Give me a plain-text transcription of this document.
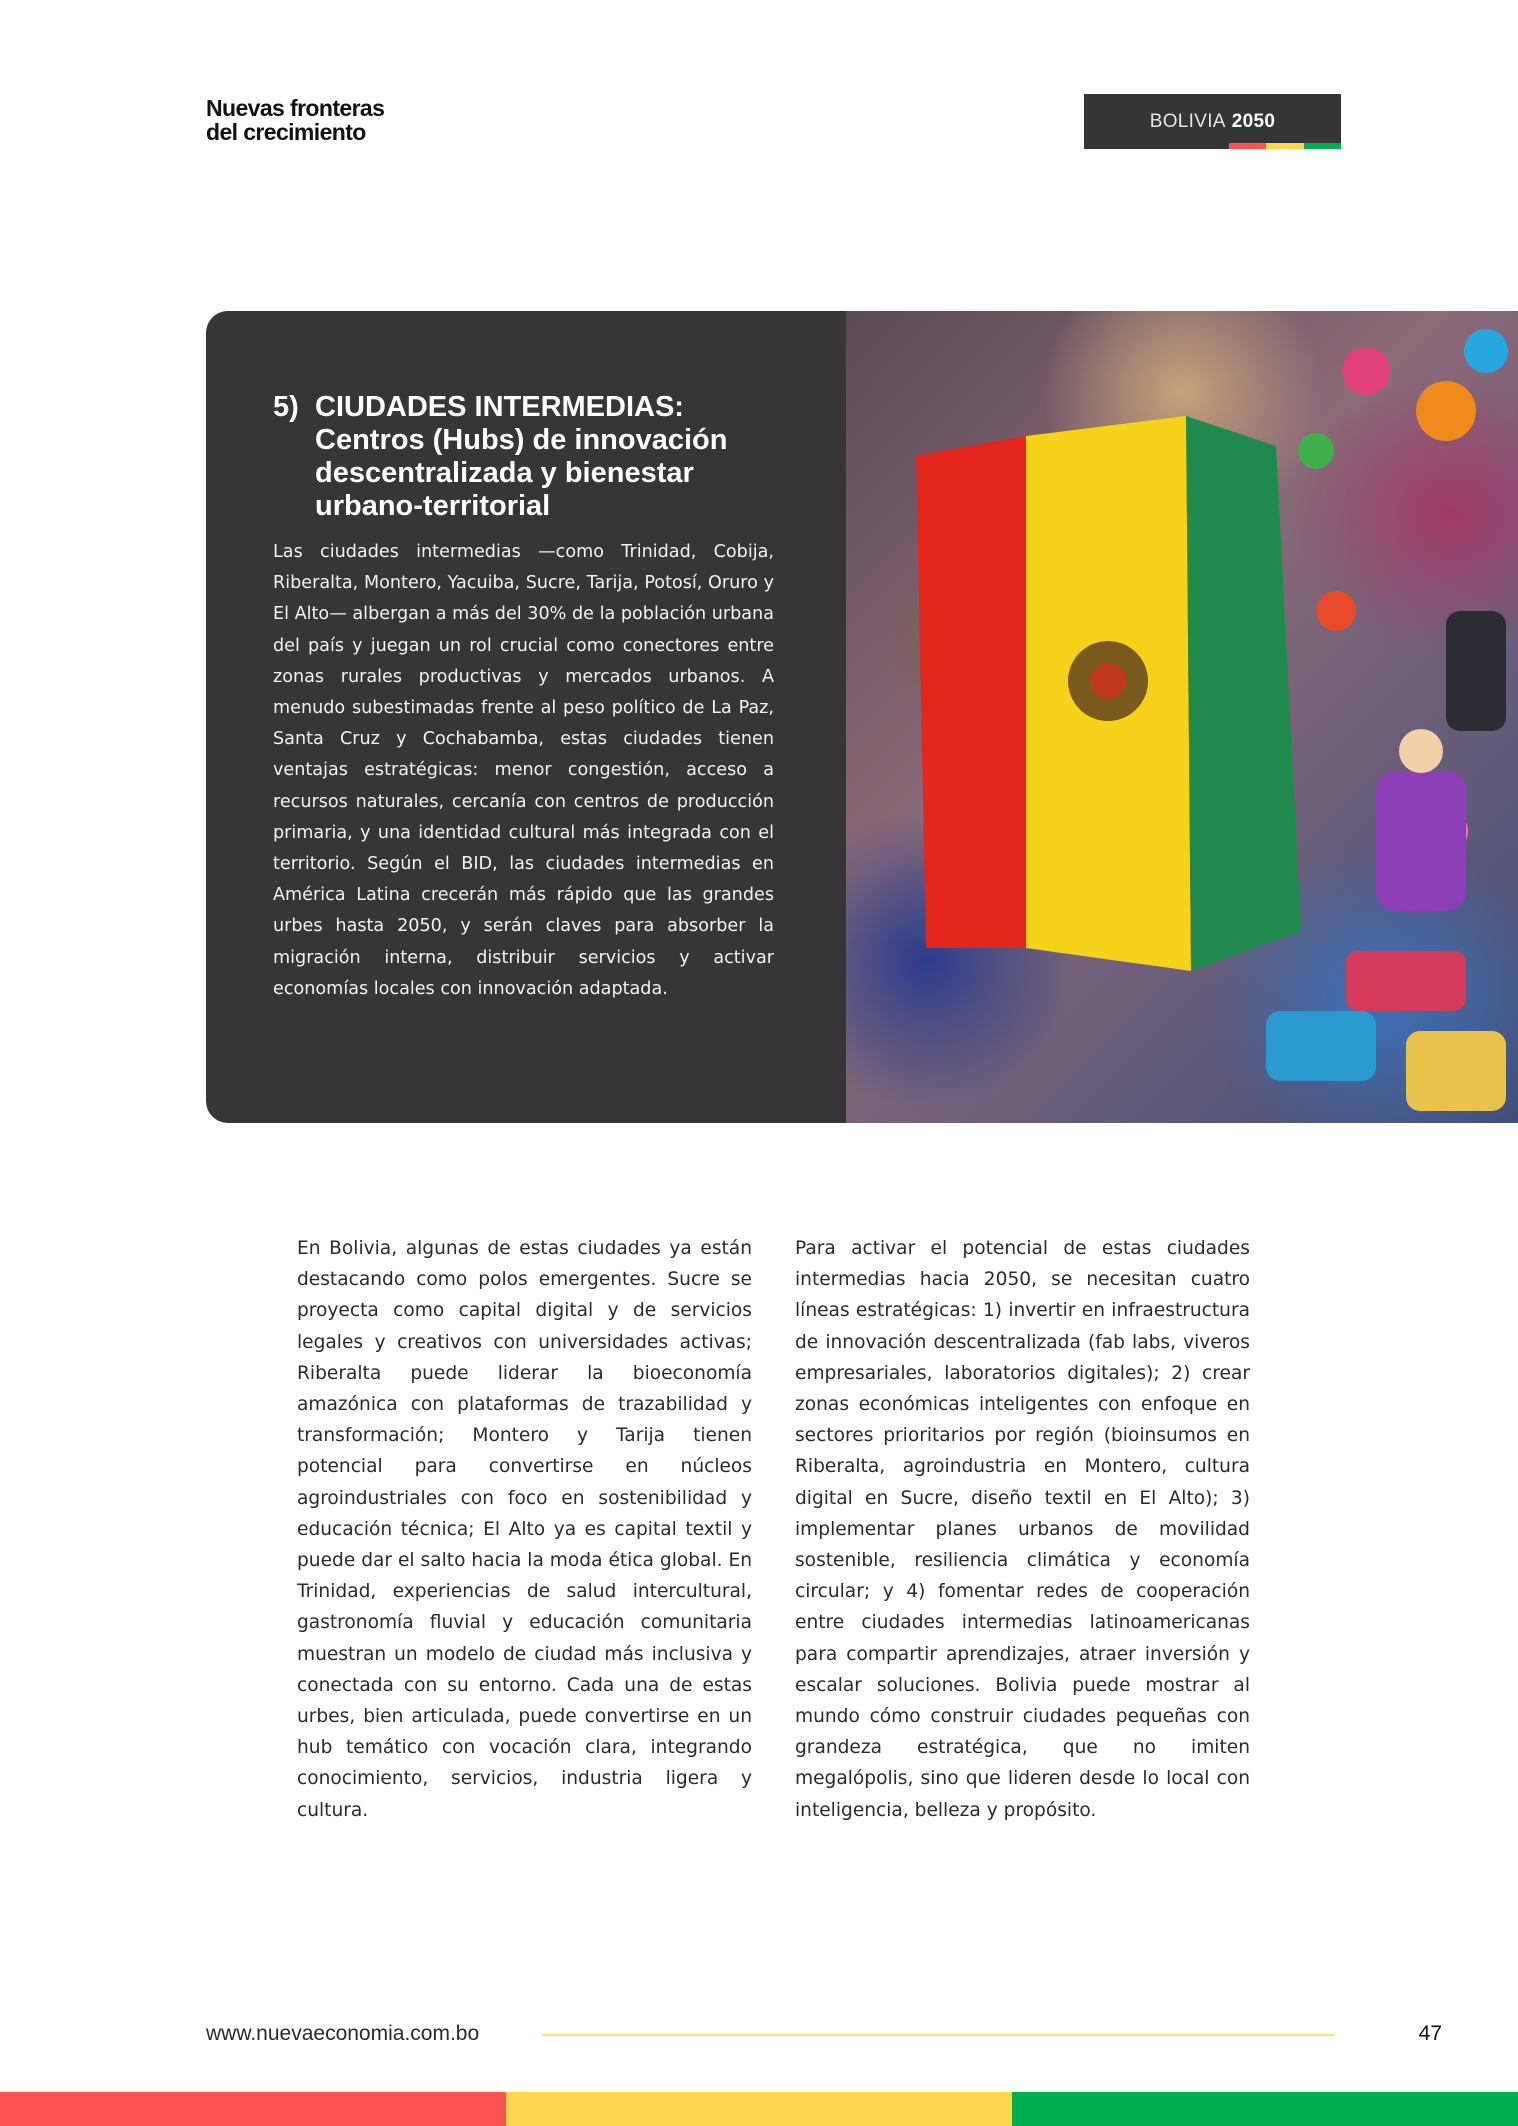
Nuevas fronteras
del crecimiento	BOLIVIA 2050
5) CIUDADES INTERMEDIAS:
Centros (Hubs) de innovación
descentralizada y bienestar
urbano-territorial
Las ciudades intermedias —como Trinidad, Cobija, Riberalta, Montero, Yacuiba, Sucre, Tarija, Potosí, Oruro y El Alto— albergan a más del 30% de la población urbana del país y juegan un rol crucial como conectores entre zonas rurales productivas y mercados urbanos. A menudo subestimadas frente al peso político de La Paz, Santa Cruz y Cochabamba, estas ciudades tienen ventajas estratégicas: menor congestión, acceso a recursos naturales, cercanía con centros de producción primaria, y una identidad cultural más integrada con el territorio. Según el BID, las ciudades intermedias en América Latina crecerán más rápido que las grandes urbes hasta 2050, y serán claves para absorber la migración interna, distribuir servicios y activar economías locales con innovación adaptada.
En Bolivia, algunas de estas ciudades ya están destacando como polos emergentes. Sucre se proyecta como capital digital y de servicios legales y creativos con universidades activas; Riberalta puede liderar la bioeconomía amazónica con plataformas de trazabilidad y transformación; Montero y Tarija tienen potencial para convertirse en núcleos agroindustriales con foco en sostenibilidad y educación técnica; El Alto ya es capital textil y puede dar el salto hacia la moda ética global. En Trinidad, experiencias de salud intercultural, gastronomía fluvial y educación comunitaria muestran un modelo de ciudad más inclusiva y conectada con su entorno. Cada una de estas urbes, bien articulada, puede convertirse en un hub temático con vocación clara, integrando conocimiento, servicios, industria ligera y cultura.
Para activar el potencial de estas ciudades intermedias hacia 2050, se necesitan cuatro líneas estratégicas: 1) invertir en infraestructura de innovación descentralizada (fab labs, viveros empresariales, laboratorios digitales); 2) crear zonas económicas inteligentes con enfoque en sectores prioritarios por región (bioinsumos en Riberalta, agroindustria en Montero, cultura digital en Sucre, diseño textil en El Alto); 3) implementar planes urbanos de movilidad sostenible, resiliencia climática y economía circular; y 4) fomentar redes de cooperación entre ciudades intermedias latinoamericanas para compartir aprendizajes, atraer inversión y escalar soluciones. Bolivia puede mostrar al mundo cómo construir ciudades pequeñas con grandeza estratégica, que no imiten megalópolis, sino que lideren desde lo local con inteligencia, belleza y propósito.
www.nuevaeconomia.com.bo	47
